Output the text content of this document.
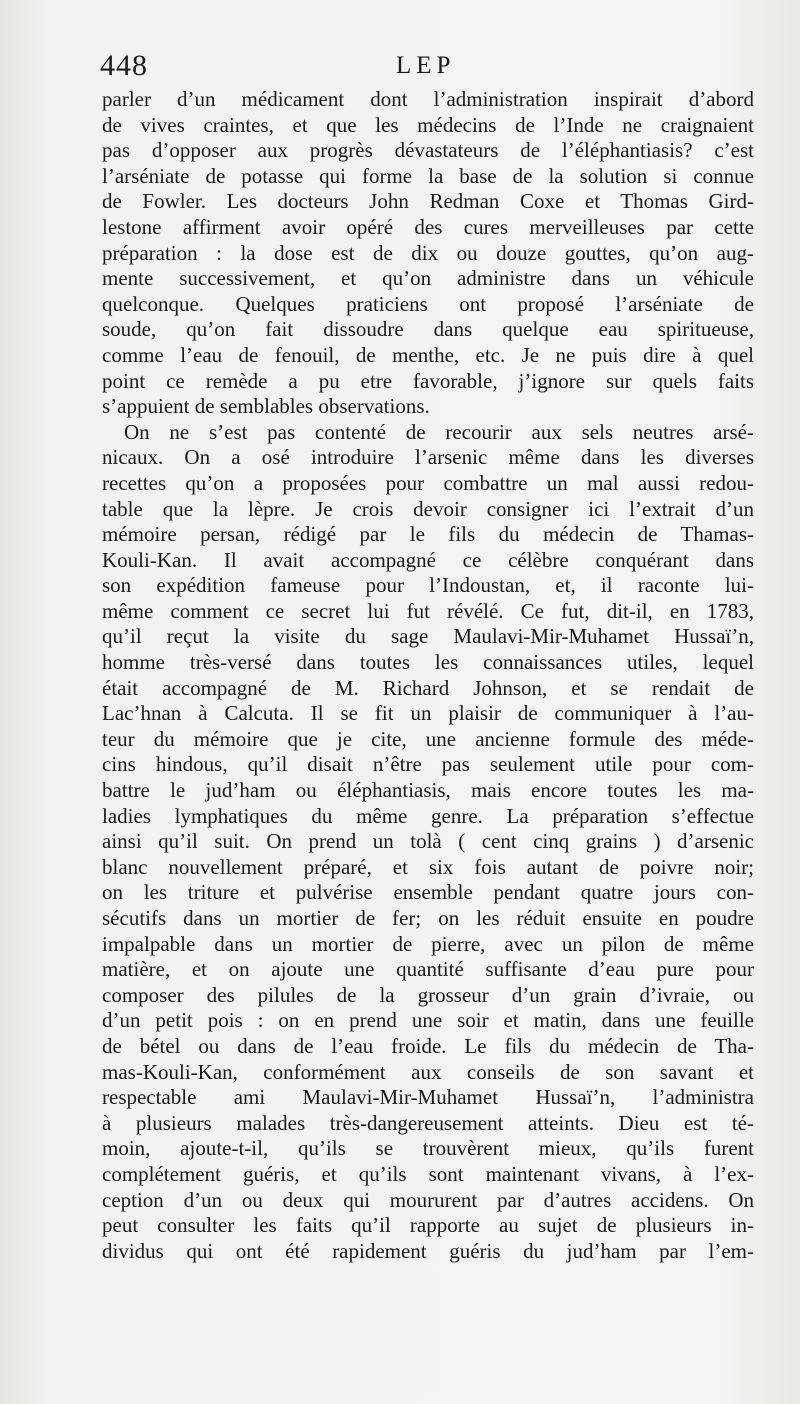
448	LEP
parler d’un médicament dont l’administration inspirait d’abord
de vives craintes, et que les médecins de l’Inde ne craignaient
pas d’opposer aux progrès dévastateurs de l’éléphantiasis? c’est
l’arséniate de potasse qui forme la base de la solution si connue
de Fowler. Les docteurs John Redman Coxe et Thomas Gird-
lestone affirment avoir opéré des cures merveilleuses par cette
préparation : la dose est de dix ou douze gouttes, qu’on aug-
mente successivement, et qu’on administre dans un véhicule
quelconque. Quelques praticiens ont proposé l’arséniate de
soude, qu’on fait dissoudre dans quelque eau spiritueuse,
comme l’eau de fenouil, de menthe, etc. Je ne puis dire à quel
point ce remède a pu etre favorable, j’ignore sur quels faits
s’appuient de semblables observations.
On ne s’est pas contenté de recourir aux sels neutres arsé-
nicaux. On a osé introduire l’arsenic même dans les diverses
recettes qu’on a proposées pour combattre un mal aussi redou-
table que la lèpre. Je crois devoir consigner ici l’extrait d’un
mémoire persan, rédigé par le fils du médecin de Thamas-
Kouli-Kan. Il avait accompagné ce célèbre conquérant dans
son expédition fameuse pour l’Indoustan, et, il raconte lui-
même comment ce secret lui fut révélé. Ce fut, dit-il, en 1783,
qu’il reçut la visite du sage Maulavi-Mir-Muhamet Hussaï’n,
homme très-versé dans toutes les connaissances utiles, lequel
était accompagné de M. Richard Johnson, et se rendait de
Lac’hnan à Calcuta. Il se fit un plaisir de communiquer à l’au-
teur du mémoire que je cite, une ancienne formule des méde-
cins hindous, qu’il disait n’être pas seulement utile pour com-
battre le jud’ham ou éléphantiasis, mais encore toutes les ma-
ladies lymphatiques du même genre. La préparation s’effectue
ainsi qu’il suit. On prend un tolà ( cent cinq grains ) d’arsenic
blanc nouvellement préparé, et six fois autant de poivre noir;
on les triture et pulvérise ensemble pendant quatre jours con-
sécutifs dans un mortier de fer; on les réduit ensuite en poudre
impalpable dans un mortier de pierre, avec un pilon de même
matière, et on ajoute une quantité suffisante d’eau pure pour
composer des pilules de la grosseur d’un grain d’ivraie, ou
d’un petit pois : on en prend une soir et matin, dans une feuille
de bétel ou dans de l’eau froide. Le fils du médecin de Tha-
mas-Kouli-Kan, conformément aux conseils de son savant et
respectable ami Maulavi-Mir-Muhamet Hussaï’n, l’administra
à plusieurs malades très-dangereusement atteints. Dieu est té-
moin, ajoute-t-il, qu’ils se trouvèrent mieux, qu’ils furent
complétement guéris, et qu’ils sont maintenant vivans, à l’ex-
ception d’un ou deux qui moururent par d’autres accidens. On
peut consulter les faits qu’il rapporte au sujet de plusieurs in-
dividus qui ont été rapidement guéris du jud’ham par l’em-
